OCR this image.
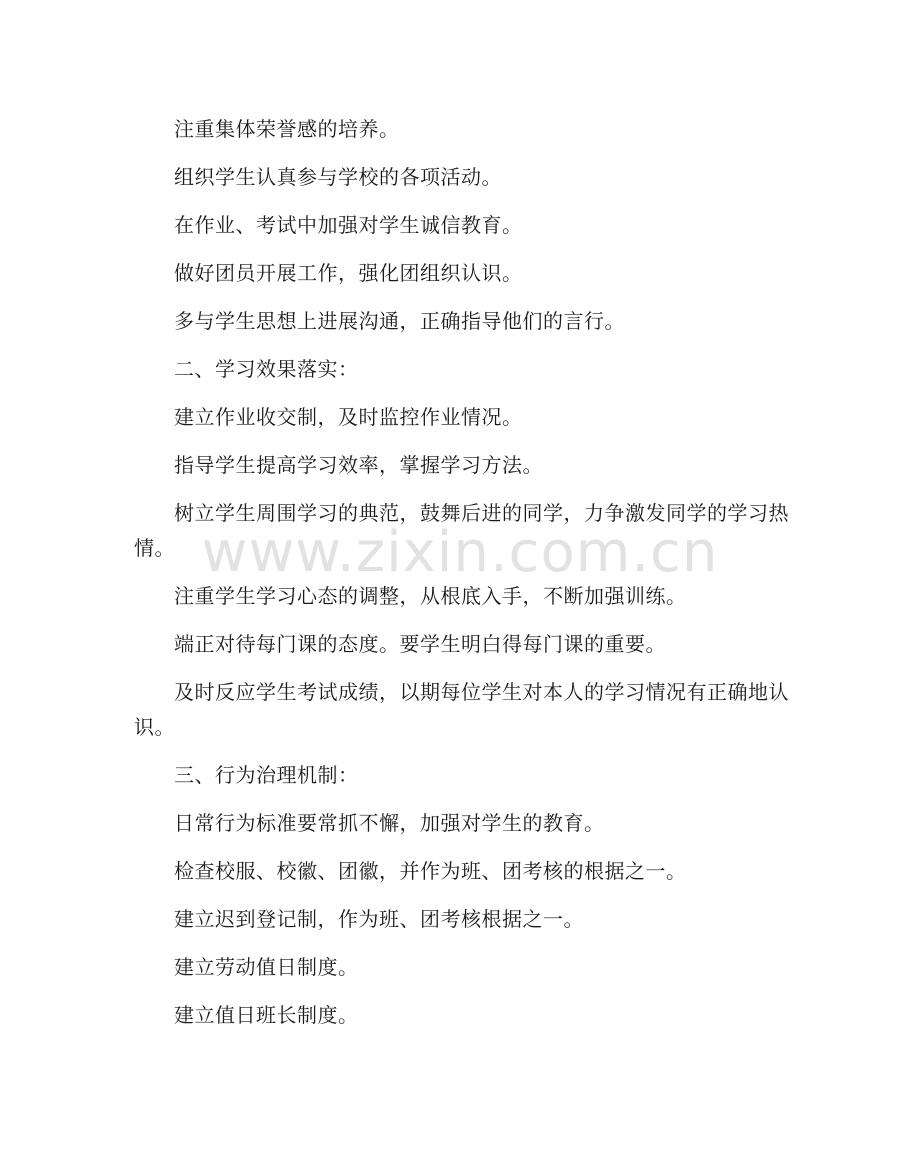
注重集体荣誉感的培养。

组织学生认真参与学校的各项活动。

在作业、考试中加强对学生诚信教育。

做好团员开展工作，强化团组织认识。

多与学生思想上进展沟通，正确指导他们的言行。

二、学习效果落实：

建立作业收交制，及时监控作业情况。

指导学生提高学习效率，掌握学习方法。

树立学生周围学习的典范，鼓舞后进的同学，力争激发同学的学习热情。

注重学生学习心态的调整，从根底入手，不断加强训练。

端正对待每门课的态度。要学生明白得每门课的重要。

及时反应学生考试成绩，以期每位学生对本人的学习情况有正确地认识。

三、行为治理机制：

日常行为标准要常抓不懈，加强对学生的教育。

检查校服、校徽、团徽，并作为班、团考核的根据之一。

建立迟到登记制，作为班、团考核根据之一。

建立劳动值日制度。

建立值日班长制度。

www.zixin.com.cn
